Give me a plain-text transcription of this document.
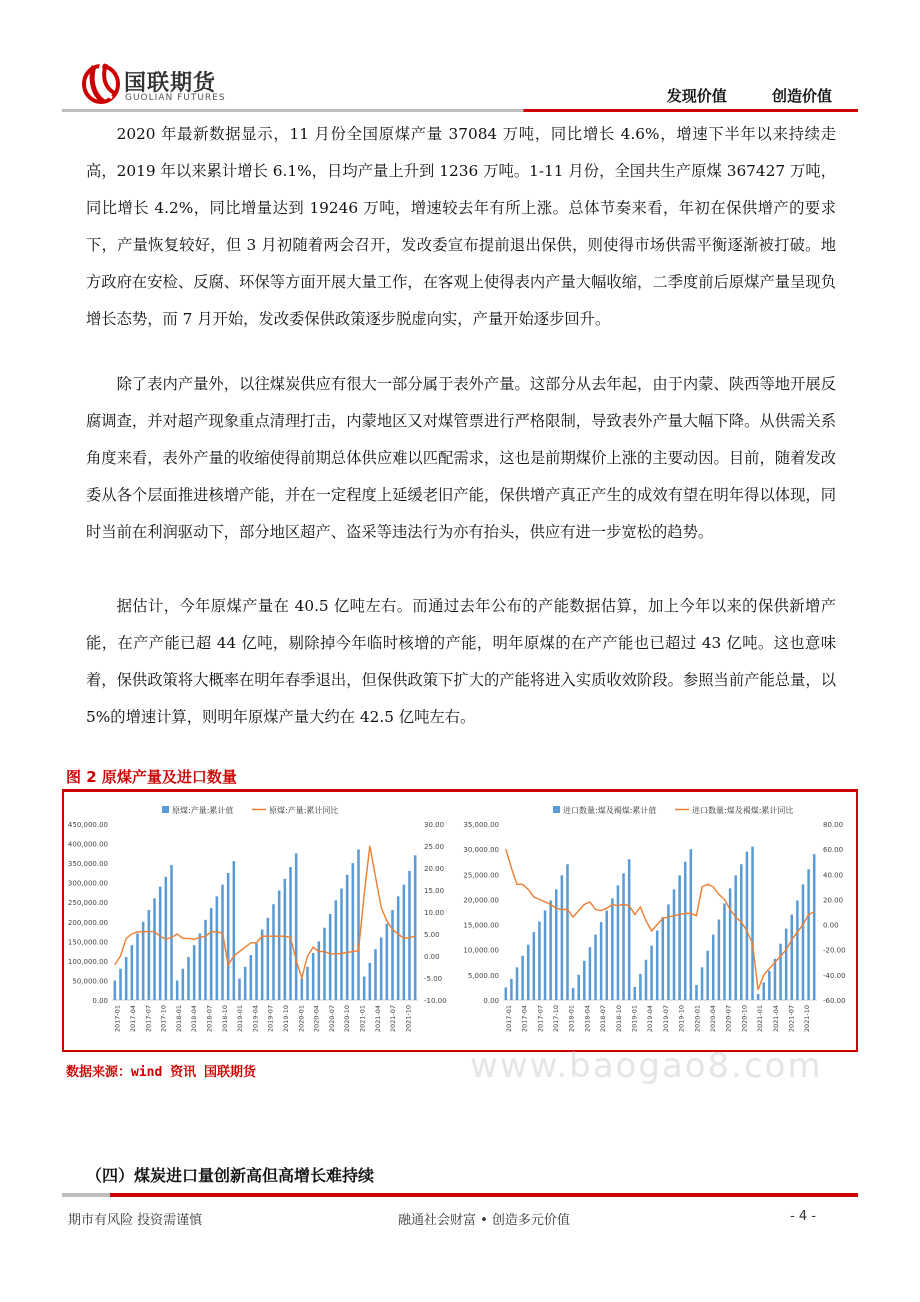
国联期货
GUOLIAN FUTURES	发现价值	创造价值
2020 年最新数据显示，11 月份全国原煤产量 37084 万吨，同比增长 4.6%，增速下半年以来持续走高，2019 年以来累计增长 6.1%，日均产量上升到 1236 万吨。1-11 月份，全国共生产原煤 367427 万吨，同比增长 4.2%，同比增量达到 19246 万吨，增速较去年有所上涨。总体节奏来看，年初在保供增产的要求下，产量恢复较好，但 3 月初随着两会召开，发改委宣布提前退出保供，则使得市场供需平衡逐渐被打破。地方政府在安检、反腐、环保等方面开展大量工作，在客观上使得表内产量大幅收缩，二季度前后原煤产量呈现负增长态势，而 7 月开始，发改委保供政策逐步脱虚向实，产量开始逐步回升。
除了表内产量外，以往煤炭供应有很大一部分属于表外产量。这部分从去年起，由于内蒙、陕西等地开展反腐调查，并对超产现象重点清理打击，内蒙地区又对煤管票进行严格限制，导致表外产量大幅下降。从供需关系角度来看，表外产量的收缩使得前期总体供应难以匹配需求，这也是前期煤价上涨的主要动因。目前，随着发改委从各个层面推进核增产能，并在一定程度上延缓老旧产能，保供增产真正产生的成效有望在明年得以体现，同时当前在利润驱动下，部分地区超产、盗采等违法行为亦有抬头，供应有进一步宽松的趋势。
据估计，今年原煤产量在 40.5 亿吨左右。而通过去年公布的产能数据估算，加上今年以来的保供新增产能，在产产能已超 44 亿吨，剔除掉今年临时核增的产能，明年原煤的在产产能也已超过 43 亿吨。这也意味着，保供政策将大概率在明年春季退出，但保供政策下扩大的产能将进入实质收效阶段。参照当前产能总量，以 5%的增速计算，则明年原煤产量大约在 42.5 亿吨左右。
图 2 原煤产量及进口数量
原煤:产量:累计值	原煤:产量:累计同比
450,000.00
400,000.00
350,000.00
300,000.00
250,000.00
200,000.00
150,000.00
100,000.00
50,000.00
0.00
30.00
25.00
20.00
15.00
10.00
5.00
0.00
-5.00
-10.00
2017-01 2017-04 2017-07 2017-10 2018-01 2018-04 2018-07 2018-10 2019-01 2019-04 2019-07 2019-10 2020-01 2020-04 2020-07 2020-10 2021-01 2021-04 2021-07 2021-10
进口数量:煤及褐煤:累计值	进口数量:煤及褐煤:累计同比
35,000.00
30,000.00
25,000.00
20,000.00
15,000.00
10,000.00
5,000.00
0.00
80.00
60.00
40.00
20.00
0.00
-20.00
-40.00
-60.00
2017-01 2017-04 2017-07 2017-10 2018-01 2018-04 2018-07 2018-10 2019-01 2019-04 2019-07 2019-10 2020-01 2020-04 2020-07 2020-10 2021-01 2021-04 2021-07 2021-10
www.baogao8.com
数据来源：wind 资讯 国联期货
（四）煤炭进口量创新高但高增长难持续
期市有风险 投资需谨慎	融通社会财富 • 创造多元价值	- 4 -
